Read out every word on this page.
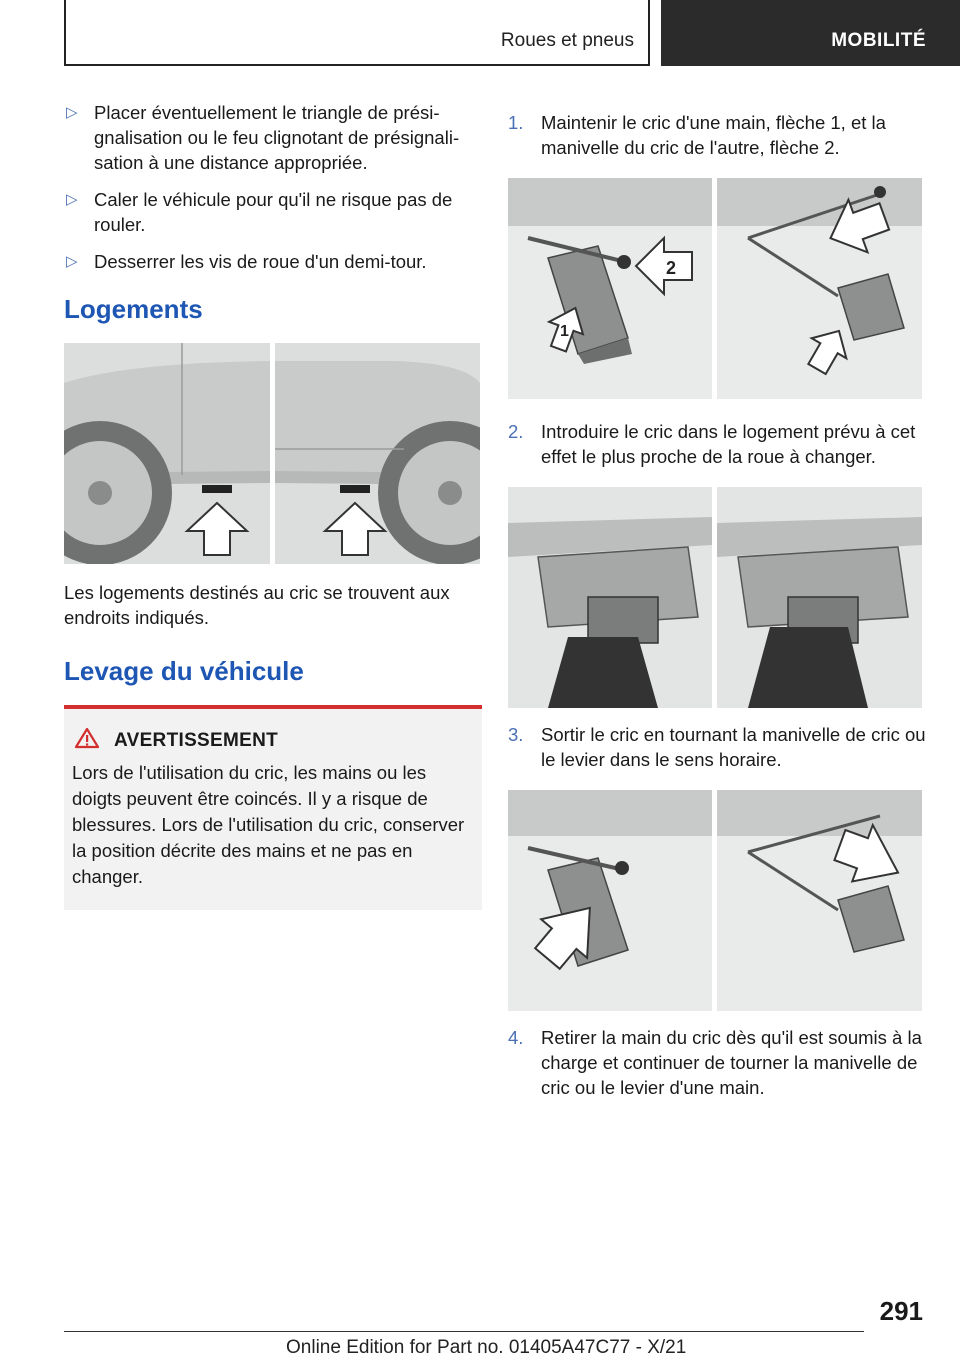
Roues et pneus	MOBILITÉ
▷ Placer éventuellement le triangle de présignalisation ou le feu clignotant de présignalisation à une distance appropriée.
▷ Caler le véhicule pour qu'il ne risque pas de rouler.
▷ Desserrer les vis de roue d'un demi-tour.
Logements

Les logements destinés au cric se trouvent aux endroits indiqués.

Levage du véhicule
AVERTISSEMENT

Lors de l'utilisation du cric, les mains ou les doigts peuvent être coincés. Il y a risque de blessures. Lors de l'utilisation du cric, conserver la position décrite des mains et ne pas en changer.

1. Maintenir le cric d'une main, flèche 1, et la manivelle du cric de l'autre, flèche 2.
1
2
2. Introduire le cric dans le logement prévu à cet effet le plus proche de la roue à changer.
3. Sortir le cric en tournant la manivelle de cric ou le levier dans le sens horaire.
4. Retirer la main du cric dès qu'il est soumis à la charge et continuer de tourner la manivelle de cric ou le levier d'une main.
291
Online Edition for Part no. 01405A47C77 - X/21
